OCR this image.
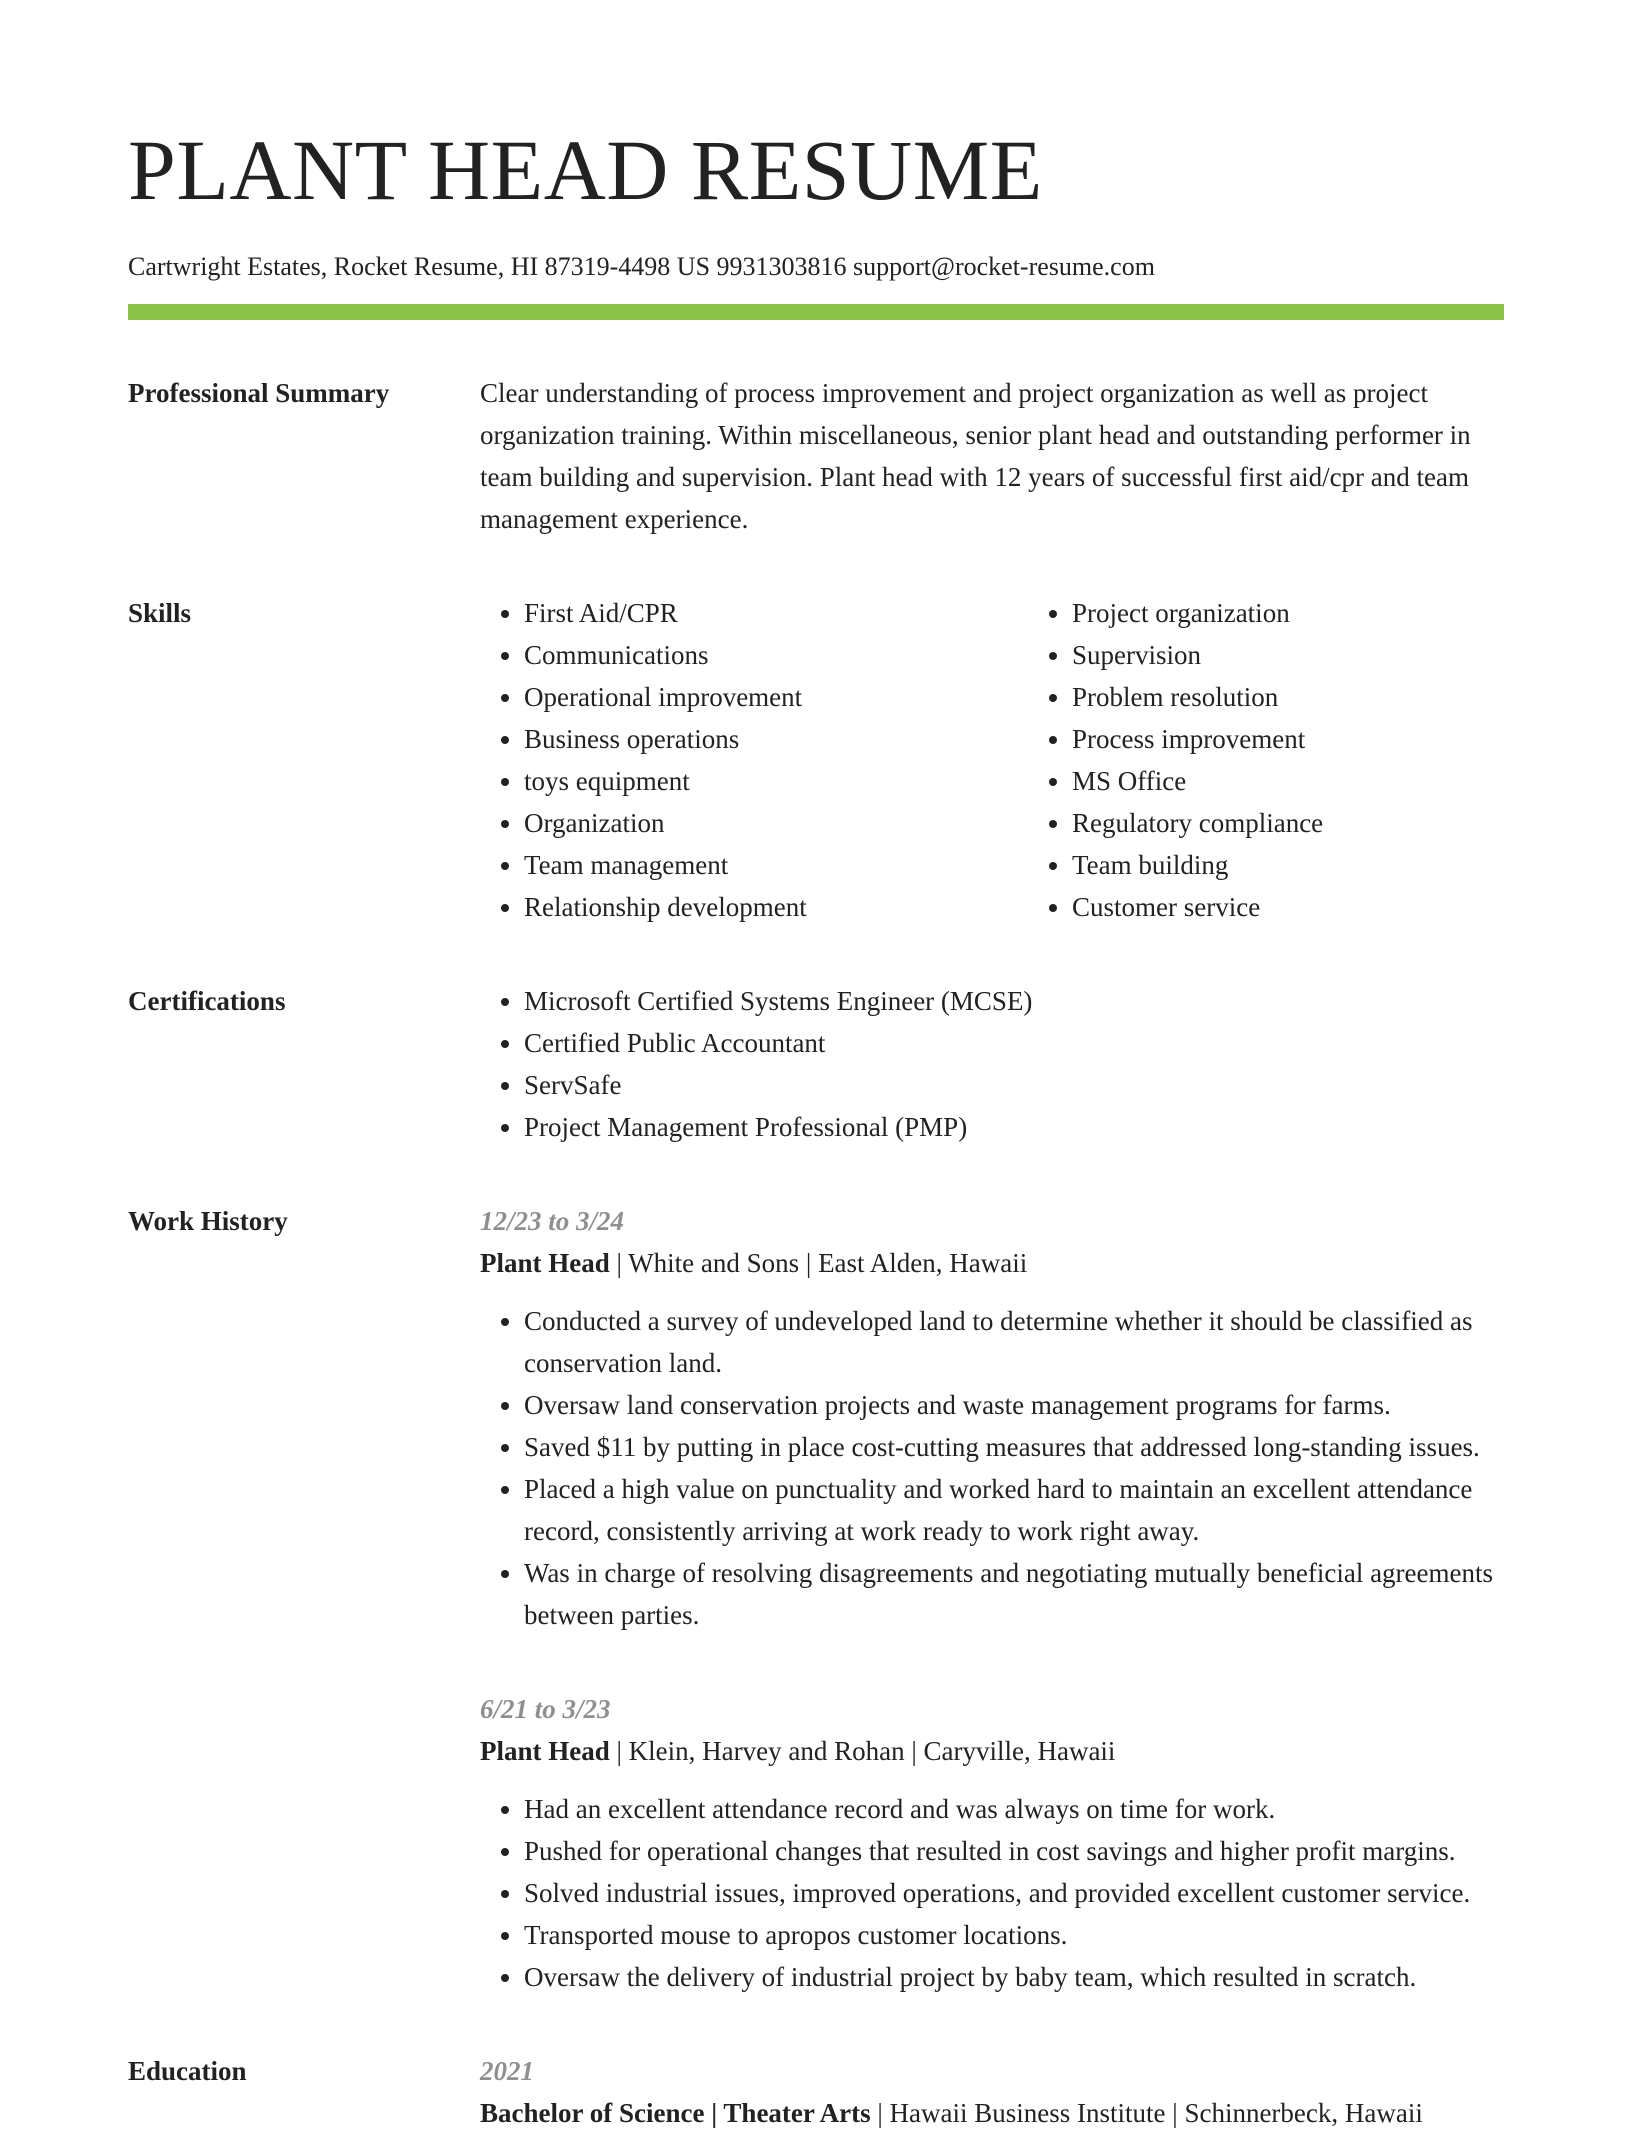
PLANT HEAD RESUME
Cartwright Estates, Rocket Resume, HI 87319-4498 US 9931303816 support@rocket-resume.com
Professional Summary	Clear understanding of process improvement and project organization as well as project organization training. Within miscellaneous, senior plant head and outstanding performer in team building and supervision. Plant head with 12 years of successful first aid/cpr and team management experience.
Skills	• First Aid/CPR
• Communications
• Operational improvement
• Business operations
• toys equipment
• Organization
• Team management
• Relationship development
• Project organization
• Supervision
• Problem resolution
• Process improvement
• MS Office
• Regulatory compliance
• Team building
• Customer service
Certifications	• Microsoft Certified Systems Engineer (MCSE)
• Certified Public Accountant
• ServSafe
• Project Management Professional (PMP)
Work History	12/23 to 3/24
Plant Head | White and Sons | East Alden, Hawaii
• Conducted a survey of undeveloped land to determine whether it should be classified as conservation land.
• Oversaw land conservation projects and waste management programs for farms.
• Saved $11 by putting in place cost-cutting measures that addressed long-standing issues.
• Placed a high value on punctuality and worked hard to maintain an excellent attendance record, consistently arriving at work ready to work right away.
• Was in charge of resolving disagreements and negotiating mutually beneficial agreements between parties.
6/21 to 3/23
Plant Head | Klein, Harvey and Rohan | Caryville, Hawaii
• Had an excellent attendance record and was always on time for work.
• Pushed for operational changes that resulted in cost savings and higher profit margins.
• Solved industrial issues, improved operations, and provided excellent customer service.
• Transported mouse to apropos customer locations.
• Oversaw the delivery of industrial project by baby team, which resulted in scratch.
Education	2021
Bachelor of Science | Theater Arts | Hawaii Business Institute | Schinnerbeck, Hawaii
